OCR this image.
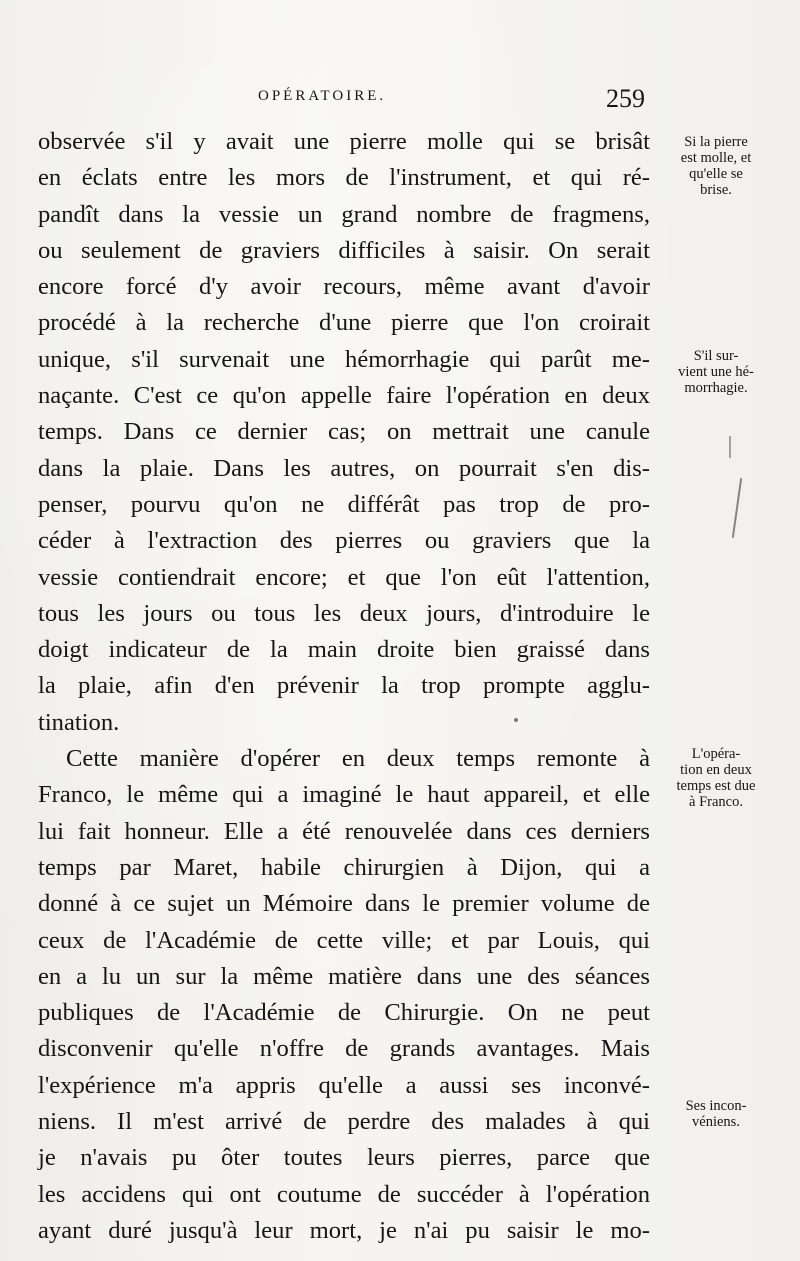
OPÉRATOIRE.	259
observée s'il y avait une pierre molle qui se brisât
en éclats entre les mors de l'instrument, et qui ré-
pandît dans la vessie un grand nombre de fragmens,
ou seulement de graviers difficiles à saisir. On serait
encore forcé d'y avoir recours, même avant d'avoir
procédé à la recherche d'une pierre que l'on croirait
unique, s'il survenait une hémorrhagie qui parût me-
naçante. C'est ce qu'on appelle faire l'opération en deux
temps. Dans ce dernier cas; on mettrait une canule
dans la plaie. Dans les autres, on pourrait s'en dis-
penser, pourvu qu'on ne différât pas trop de pro-
céder à l'extraction des pierres ou graviers que la
vessie contiendrait encore; et que l'on eût l'attention,
tous les jours ou tous les deux jours, d'introduire le
doigt indicateur de la main droite bien graissé dans
la plaie, afin d'en prévenir la trop prompte agglu-
tination.
Cette manière d'opérer en deux temps remonte à
Franco, le même qui a imaginé le haut appareil, et elle
lui fait honneur. Elle a été renouvelée dans ces derniers
temps par Maret, habile chirurgien à Dijon, qui a
donné à ce sujet un Mémoire dans le premier volume de
ceux de l'Académie de cette ville; et par Louis, qui
en a lu un sur la même matière dans une des séances
publiques de l'Académie de Chirurgie. On ne peut
disconvenir qu'elle n'offre de grands avantages. Mais
l'expérience m'a appris qu'elle a aussi ses inconvé-
niens. Il m'est arrivé de perdre des malades à qui
je n'avais pu ôter toutes leurs pierres, parce que
les accidens qui ont coutume de succéder à l'opération
ayant duré jusqu'à leur mort, je n'ai pu saisir le mo-
Si la pierre
est molle, et
qu'elle se
brise.
S'il sur-
vient une hé-
morrhagie.
L'opéra-
tion en deux
temps est due
à Franco.
Ses incon-
véniens.
